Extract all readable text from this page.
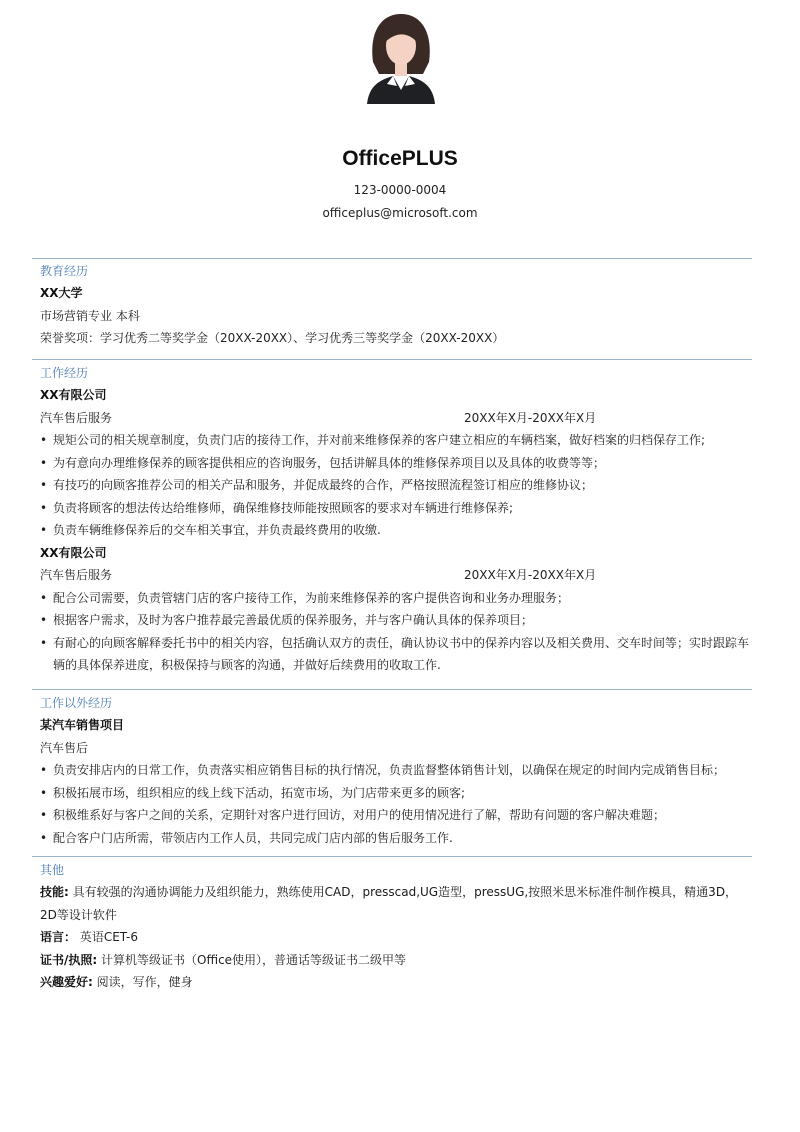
OfficePLUS
123-0000-0004
officeplus@microsoft.com
教育经历
XX大学
市场营销专业 本科
荣誉奖项：学习优秀二等奖学金（20XX-20XX）、学习优秀三等奖学金（20XX-20XX）
工作经历
XX有限公司
汽车售后服务	20XX年X月-20XX年X月
• 规矩公司的相关规章制度，负责门店的接待工作，并对前来维修保养的客户建立相应的车辆档案，做好档案的归档保存工作;
• 为有意向办理维修保养的顾客提供相应的咨询服务，包括讲解具体的维修保养项目以及具体的收费等等；
• 有技巧的向顾客推荐公司的相关产品和服务，并促成最终的合作，严格按照流程签订相应的维修协议；
• 负责将顾客的想法传达给维修师，确保维修技师能按照顾客的要求对车辆进行维修保养;
• 负责车辆维修保养后的交车相关事宜，并负责最终费用的收缴.
XX有限公司
汽车售后服务	20XX年X月-20XX年X月
• 配合公司需要，负责管辖门店的客户接待工作，为前来维修保养的客户提供咨询和业务办理服务；
• 根据客户需求，及时为客户推荐最完善最优质的保养服务，并与客户确认具体的保养项目；
• 有耐心的向顾客解释委托书中的相关内容，包括确认双方的责任，确认协议书中的保养内容以及相关费用、交车时间等；实时跟踪车辆的具体保养进度，积极保持与顾客的沟通，并做好后续费用的收取工作.
工作以外经历
某汽车销售项目
汽车售后
• 负责安排店内的日常工作，负责落实相应销售目标的执行情况，负责监督整体销售计划，以确保在规定的时间内完成销售目标；
• 积极拓展市场，组织相应的线上线下活动，拓宽市场，为门店带来更多的顾客;
• 积极维系好与客户之间的关系，定期针对客户进行回访，对用户的使用情况进行了解，帮助有问题的客户解决难题；
• 配合客户门店所需，带领店内工作人员，共同完成门店内部的售后服务工作.
其他
技能: 具有较强的沟通协调能力及组织能力，熟练使用CAD，presscad,UG造型，pressUG,按照米思米标准件制作模具，精通3D，2D等设计软件
语言： 英语CET-6
证书/执照: 计算机等级证书（Office使用），普通话等级证书二级甲等
兴趣爱好: 阅读，写作，健身
